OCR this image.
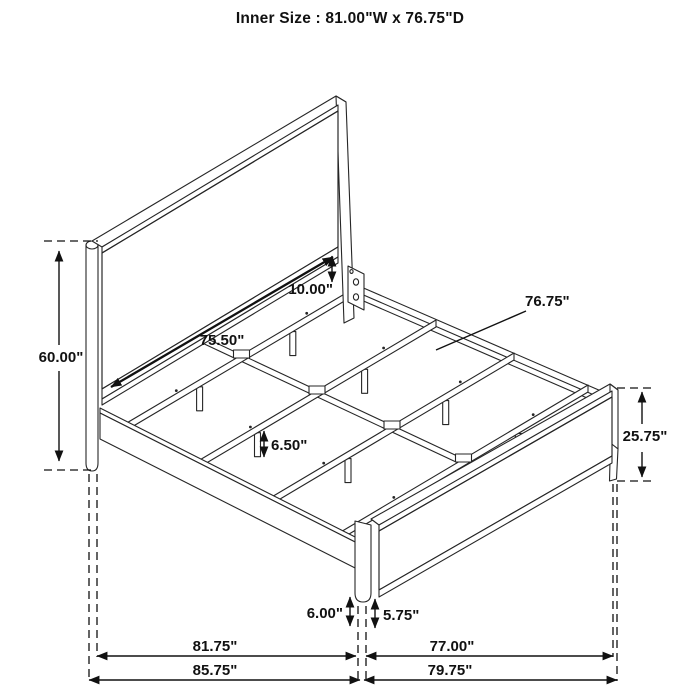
Inner Size : 81.00"W x 76.75"D
60.00"
10.00"
75.50"
76.75"
6.50"
25.75"
6.00"	5.75"
81.75"	77.00"
85.75"	79.75"
